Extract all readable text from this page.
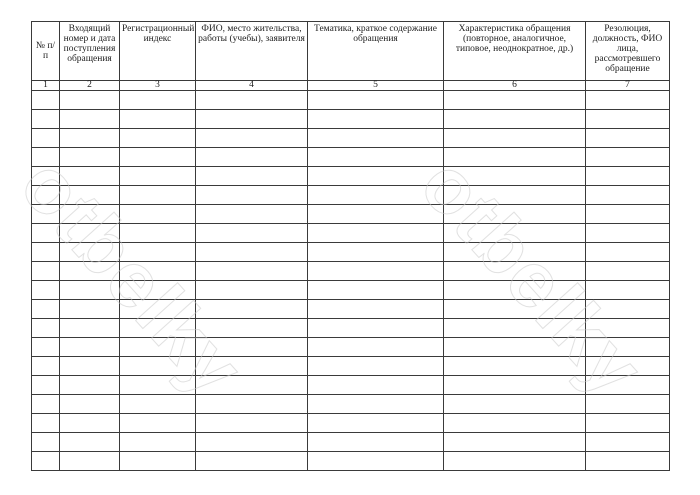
№ п/п	Входящий номер и дата поступления обращения	Регистрационный индекс	ФИО, место жительства, работы (учебы), заявителя	Тематика, краткое содержание обращения	Характеристика обращения (повторное, аналогичное, типовое, неоднократное, др.)	Резолюция, должность, ФИО лица, рассмотревшего обращение
1	2	3	4	5	6	7

otbelky otbelky
